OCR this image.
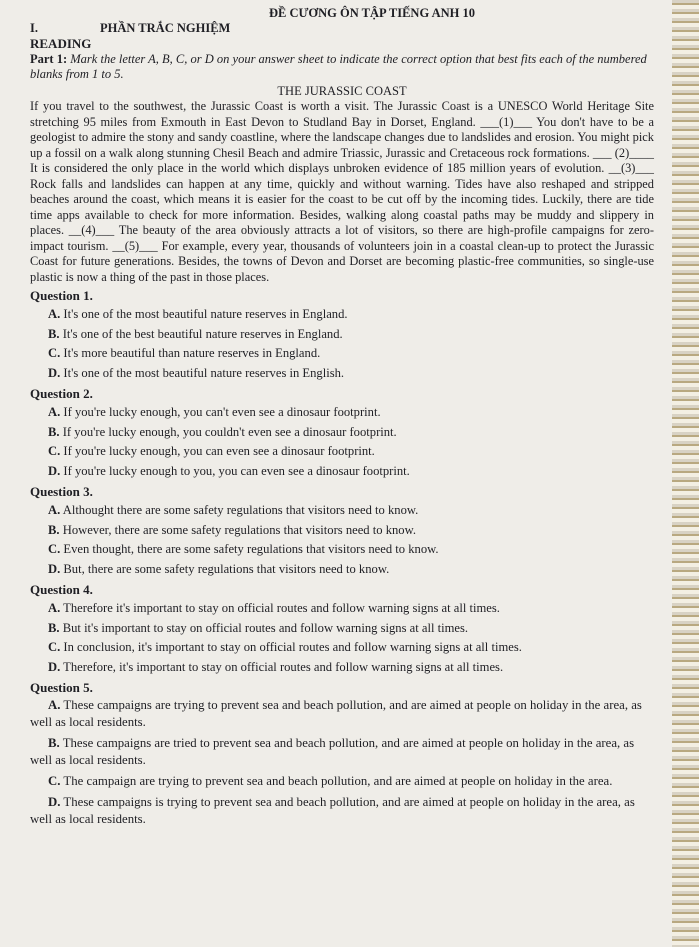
ĐỀ CƯƠNG ÔN TẬP TIẾNG ANH 10
I.	PHẦN TRẮC NGHIỆM
READING
Part 1: Mark the letter A, B, C, or D on your answer sheet to indicate the correct option that best fits each of the numbered blanks from 1 to 5.
THE JURASSIC COAST

If you travel to the southwest, the Jurassic Coast is worth a visit. The Jurassic Coast is a UNESCO World Heritage Site stretching 95 miles from Exmouth in East Devon to Studland Bay in Dorset, England. ___(1)___ You don't have to be a geologist to admire the stony and sandy coastline, where the landscape changes due to landslides and erosion. You might pick up a fossil on a walk along stunning Chesil Beach and admire Triassic, Jurassic and Cretaceous rock formations. ___ (2)____ It is considered the only place in the world which displays unbroken evidence of 185 million years of evolution. __(3)___ Rock falls and landslides can happen at any time, quickly and without warning. Tides have also reshaped and stripped beaches around the coast, which means it is easier for the coast to be cut off by the incoming tides. Luckily, there are tide time apps available to check for more information. Besides, walking along coastal paths may be muddy and slippery in places. __(4)___ The beauty of the area obviously attracts a lot of visitors, so there are high-profile campaigns for zero-impact tourism. __(5)___ For example, every year, thousands of volunteers join in a coastal clean-up to protect the Jurassic Coast for future generations. Besides, the towns of Devon and Dorset are becoming plastic-free communities, so single-use plastic is now a thing of the past in those places.

Question 1.
A. It's one of the most beautiful nature reserves in England.
B. It's one of the best beautiful nature reserves in England.
C. It's more beautiful than nature reserves in England.
D. It's one of the most beautiful nature reserves in English.
Question 2.
A. If you're lucky enough, you can't even see a dinosaur footprint.
B. If you're lucky enough, you couldn't even see a dinosaur footprint.
C. If you're lucky enough, you can even see a dinosaur footprint.
D. If you're lucky enough to you, you can even see a dinosaur footprint.
Question 3.
A. Althought there are some safety regulations that visitors need to know.
B. However, there are some safety regulations that visitors need to know.
C. Even thought, there are some safety regulations that visitors need to know.
D. But, there are some safety regulations that visitors need to know.
Question 4.
A. Therefore it's important to stay on official routes and follow warning signs at all times.
B. But it's important to stay on official routes and follow warning signs at all times.
C. In conclusion, it's important to stay on official routes and follow warning signs at all times.
D. Therefore, it's important to stay on official routes and follow warning signs at all times.
Question 5.
A. These campaigns are trying to prevent sea and beach pollution, and are aimed at people on holiday in the area, as well as local residents.
B. These campaigns are tried to prevent sea and beach pollution, and are aimed at people on holiday in the area, as well as local residents.
C. The campaign are trying to prevent sea and beach pollution, and are aimed at people on holiday in the area.
D. These campaigns is trying to prevent sea and beach pollution, and are aimed at people on holiday in the area, as well as local residents.
